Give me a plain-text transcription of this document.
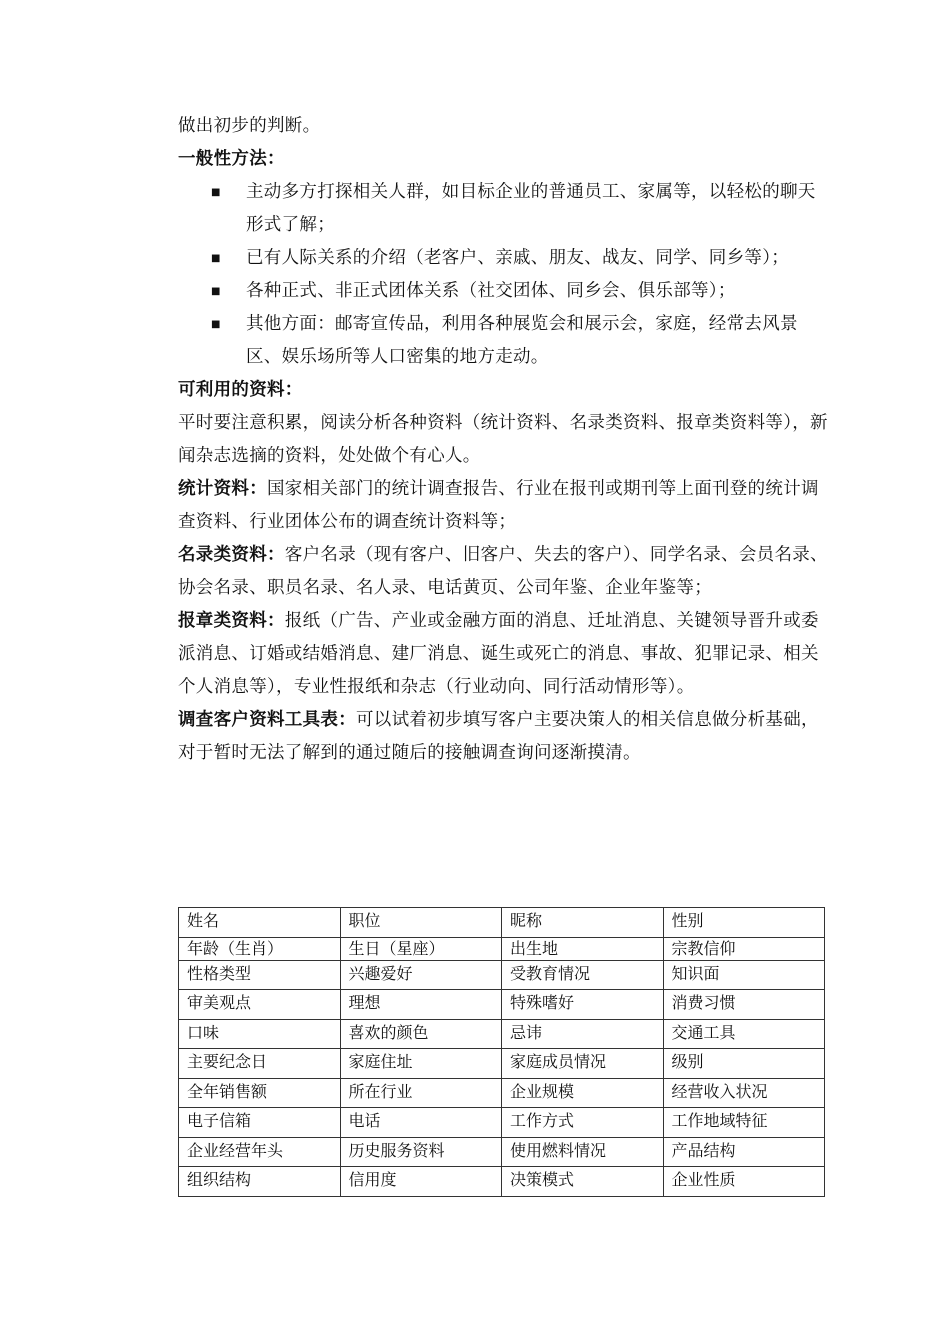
做出初步的判断。

一般性方法：

■ 主动多方打探相关人群，如目标企业的普通员工、家属等，以轻松的聊天形式了解；
■ 已有人际关系的介绍（老客户、亲戚、朋友、战友、同学、同乡等）；
■ 各种正式、非正式团体关系（社交团体、同乡会、俱乐部等）；
■ 其他方面：邮寄宣传品，利用各种展览会和展示会，家庭，经常去风景区、娱乐场所等人口密集的地方走动。

可利用的资料：

平时要注意积累，阅读分析各种资料（统计资料、名录类资料、报章类资料等），新闻杂志选摘的资料，处处做个有心人。

统计资料：国家相关部门的统计调查报告、行业在报刊或期刊等上面刊登的统计调查资料、行业团体公布的调查统计资料等；

名录类资料：客户名录（现有客户、旧客户、失去的客户）、同学名录、会员名录、协会名录、职员名录、名人录、电话黄页、公司年鉴、企业年鉴等；

报章类资料：报纸（广告、产业或金融方面的消息、迁址消息、关键领导晋升或委派消息、订婚或结婚消息、建厂消息、诞生或死亡的消息、事故、犯罪记录、相关个人消息等），专业性报纸和杂志（行业动向、同行活动情形等）。

调查客户资料工具表：可以试着初步填写客户主要决策人的相关信息做分析基础，对于暂时无法了解到的通过随后的接触调查询问逐渐摸清。

姓名	职位	昵称	性别
年龄（生肖）	生日（星座）	出生地	宗教信仰
性格类型	兴趣爱好	受教育情况	知识面
审美观点	理想	特殊嗜好	消费习惯
口味	喜欢的颜色	忌讳	交通工具
主要纪念日	家庭住址	家庭成员情况	级别
全年销售额	所在行业	企业规模	经营收入状况
电子信箱	电话	工作方式	工作地域特征
企业经营年头	历史服务资料	使用燃料情况	产品结构
组织结构	信用度	决策模式	企业性质
